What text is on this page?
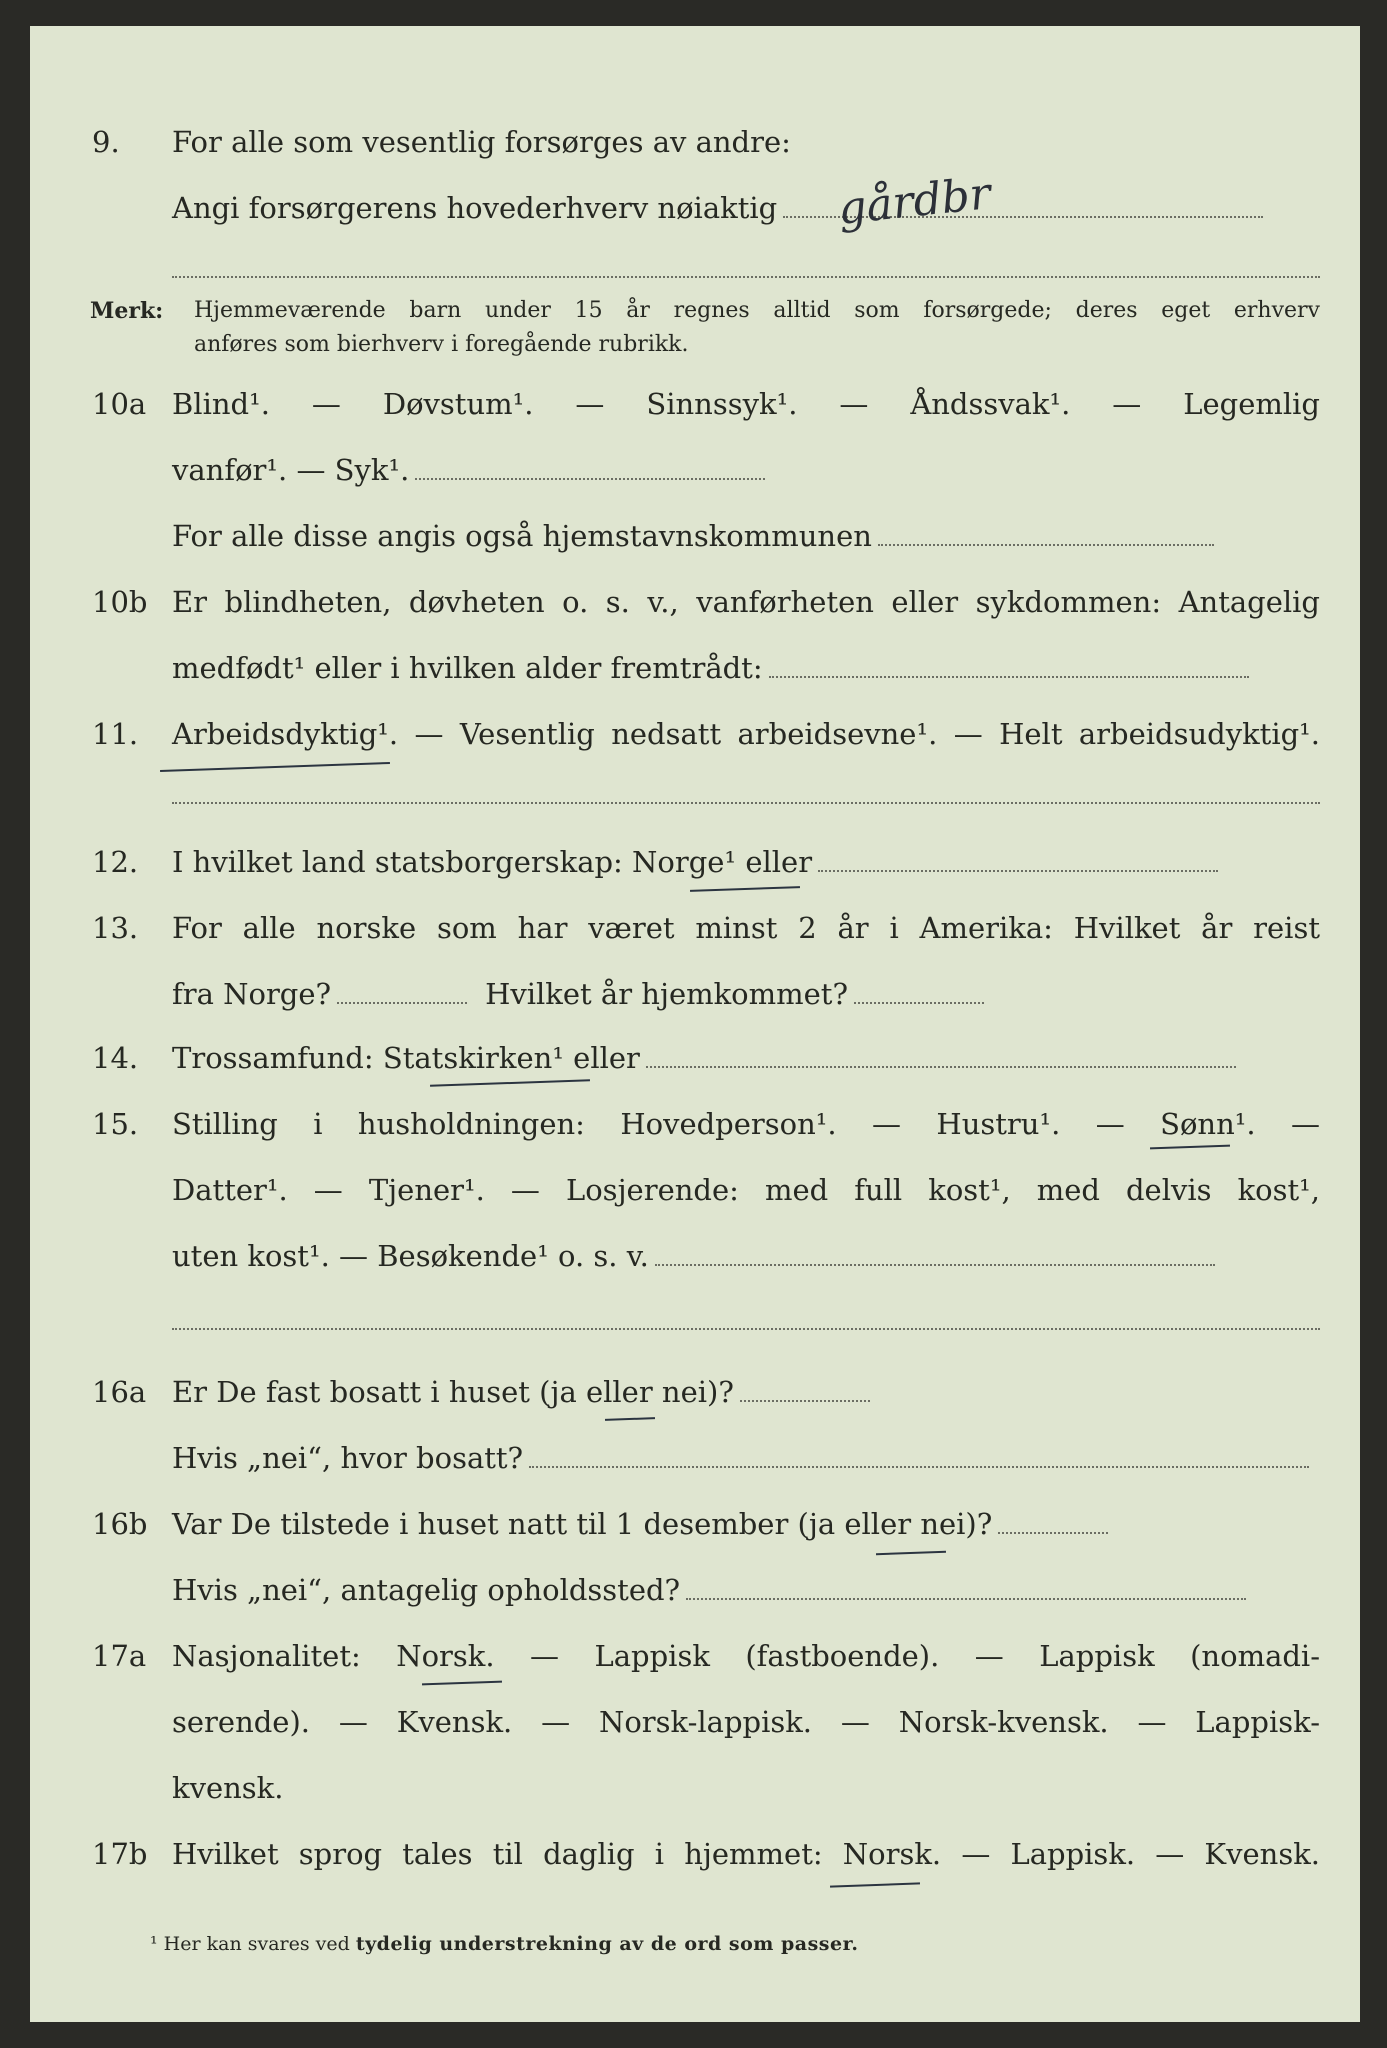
9. For alle som vesentlig forsørges av andre:
Angi forsørgerens hovederhverv nøiaktig	gårdbr
Merk: Hjemmeværende barn under 15 år regnes alltid som forsørgede; deres eget erhverv
anføres som bierhverv i foregående rubrikk.
10a Blind¹. — Døvstum¹. — Sinnssyk¹. — Åndssvak¹. — Legemlig
vanfør¹. — Syk¹.
For alle disse angis også hjemstavnskommunen
10b Er blindheten, døvheten o. s. v., vanførheten eller sykdommen: Antagelig
medfødt¹ eller i hvilken alder fremtrådt:
11. Arbeidsdyktig¹. — Vesentlig nedsatt arbeidsevne¹. — Helt arbeidsudyktig¹.
12. I hvilket land statsborgerskap: Norge¹ eller
13. For alle norske som har været minst 2 år i Amerika: Hvilket år reist
fra Norge?	Hvilket år hjemkommet?
14. Trossamfund: Statskirken¹ eller
15. Stilling i husholdningen: Hovedperson¹. — Hustru¹. — Sønn¹. —
Datter¹. — Tjener¹. — Losjerende: med full kost¹, med delvis kost¹,
uten kost¹. — Besøkende¹ o. s. v.
16a Er De fast bosatt i huset (ja eller nei)?
Hvis „nei“, hvor bosatt?
16b Var De tilstede i huset natt til 1 desember (ja eller nei)?
Hvis „nei“, antagelig opholdssted?
17a Nasjonalitet: Norsk. — Lappisk (fastboende). — Lappisk (nomadi-
serende). — Kvensk. — Norsk-lappisk. — Norsk-kvensk. — Lappisk-
kvensk.
17b Hvilket sprog tales til daglig i hjemmet: Norsk. — Lappisk. — Kvensk.
¹ Her kan svares ved tydelig understrekning av de ord som passer.
